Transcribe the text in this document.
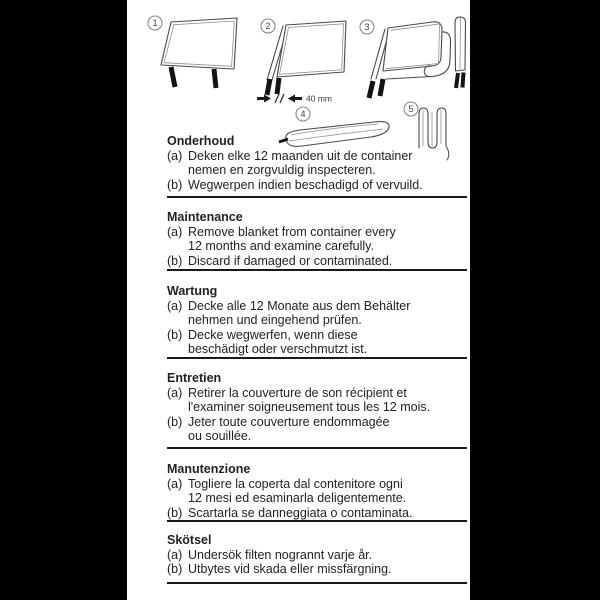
1	2
40 mm
3
4	5
Onderhoud
(a) Deken elke 12 maanden uit de container
nemen en zorgvuldig inspecteren.
(b) Wegwerpen indien beschadigd of vervuild.
Maintenance
(a) Remove blanket from container every
12 months and examine carefully.
(b) Discard if damaged or contaminated.
Wartung
(a) Decke alle 12 Monate aus dem Behälter
nehmen und eingehend prüfen.
(b) Decke wegwerfen, wenn diese
beschädigt oder verschmutzt ist.
Entretien
(a) Retirer la couverture de son récipient et
l'examiner soigneusement tous les 12 mois.
(b) Jeter toute couverture endommagée
ou souillée.
Manutenzione
(a) Togliere la coperta dal contenitore ogni
12 mesi ed esaminarla deligentemente.
(b) Scartarla se danneggiata o contaminata.
Skötsel
(a) Undersök filten nogrannt varje år.
(b) Utbytes vid skada eller missfärgning.
